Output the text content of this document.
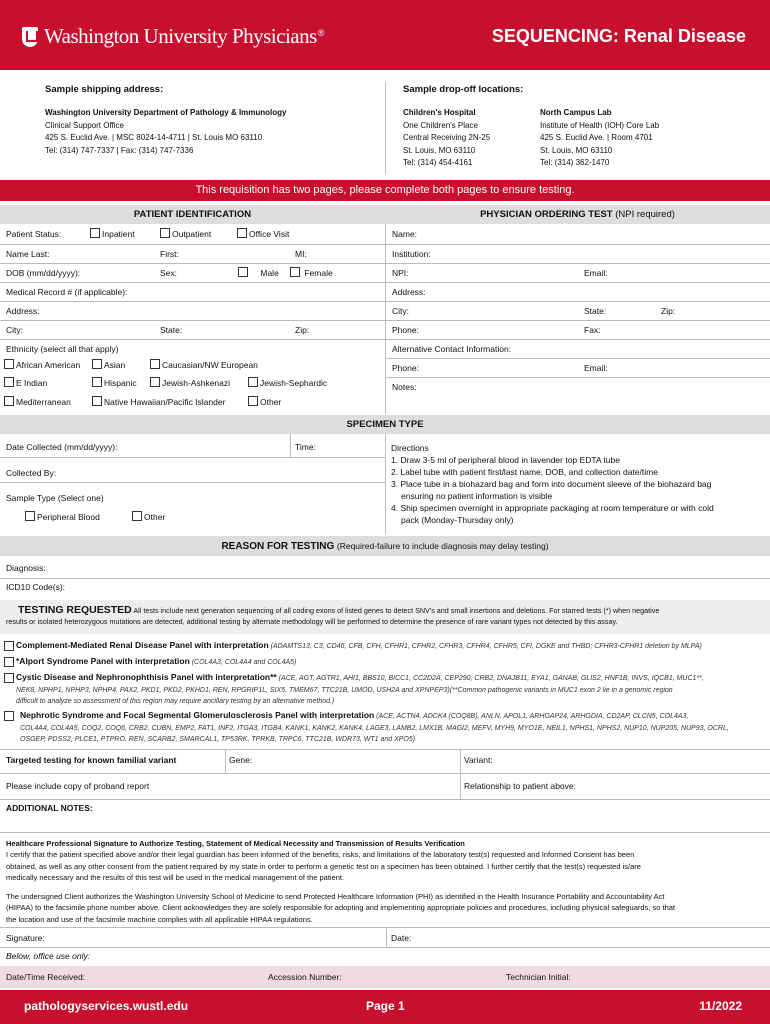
Washington University Physicians ®	SEQUENCING: Renal Disease
Sample shipping address:
Washington University Department of Pathology & Immunology
Clinical Support Office
425 S. Euclid Ave. | MSC 8024-14-4711 | St. Louis MO 63110
Tel: (314) 747-7337 | Fax: (314) 747-7336
Sample drop-off locations:
Children's Hospital
One Children's Place
Central Receiving 2N-25
St. Louis, MO 63110
Tel: (314) 454-4161
North Campus Lab
Institute of Health (IOH) Core Lab
425 S. Euclid Ave. | Room 4701
St. Louis, MO 63110
Tel: (314) 362-1470
This requisition has two pages, please complete both pages to ensure testing.
PATIENT IDENTIFICATION	PHYSICIAN ORDERING TEST (NPI required)
Patient Status:	Inpatient	Outpatient	Office Visit
Name Last:	First:	MI:
DOB (mm/dd/yyyy):	Sex:	Male	Female
Medical Record # (if applicable):
Address:
City:	State:	Zip:
Ethnicity (select all that apply)
African American	Asian	Caucasian/NW European
E Indian	Hispanic	Jewish-Ashkenazi	Jewish-Sephardic
Mediterranean	Native Hawaiian/Pacific Islander	Other
Name:
Institution:
NPI:	Email:
Address:
City:	State:	Zip:
Phone:	Fax:
Alternative Contact Information:
Phone:	Email:
Notes:
SPECIMEN TYPE
Date Collected (mm/dd/yyyy):	Time:
Collected By:
Sample Type (Select one)
Peripheral Blood	Other
Directions
1. Draw 3-5 ml of peripheral blood in lavender top EDTA tube
2. Label tube with patient first/last name, DOB, and collection date/time
3. Place tube in a biohazard bag and form into document sleeve of the biohazard bag
ensuring no patient information is visible
4. Ship specimen overnight in appropriate packaging at room temperature or with cold
pack (Monday-Thursday only)
REASON FOR TESTING (Required-failure to include diagnosis may delay testing)
Diagnosis:
ICD10 Code(s):
TESTING REQUESTED All tests include next generation sequencing of all coding exons of listed genes to detect SNV's and small insertions and deletions. For starred tests (*) when negative
results or isolated heterozygous mutations are detected, additional testing by alternate methodology will be performed to determine the presence of rare variant types not detected by this assay.
Complement-Mediated Renal Disease Panel with interpretation (ADAMTS13, C3, CD46, CFB, CFH, CFHR1, CFHR2, CFHR3, CFHR4, CFHR5, CFI, DGKE and THBD; CFHR3-CFHR1 deletion by MLPA)
*Alport Syndrome Panel with interpretation (COL4A3, COL4A4 and COL4A5)
Cystic Disease and Nephronophthisis Panel with interpretation** (ACE, AGT, AGTR1, AHI1, BBS10, BICC1, CC2D2A, CEP290, CRB2, DNAJB11, EYA1, GANAB, GLIS2, HNF1B, INVS, IQCB1, MUC1**,
NEK8, NPHP1, NPHP3, NPHP4, PAX2, PKD1, PKD2, PKHD1, REN, RPGRIP1L, SIX5, TMEM67, TTC21B, UMOD, USH2A and XPNPEP3)(**Common pathogenic variants in MUC1 exon 2 lie in a genomic region
difficult to analyze so assessment of this region may require ancillary testing by an alternative method.)
Nephrotic Syndrome and Focal Segmental Glomerulosclerosis Panel with interpretation (ACE, ACTN4, ADCK4 (COQ8B), ANLN, APOL1, ARHGAP24, ARHGDIA, CD2AP, CLCN5, COL4A3,
COL4A4, COL4A5, COQ2, COQ6, CRB2, CUBN, EMP2, FAT1, INF2, ITGA3, ITGB4, KANK1, KANK2, KANK4, LAGE3, LAMB2, LMX1B, MAGI2, MEFV, MYH9, MYO1E, NEIL1, NPHS1, NPHS2, NUP10, NUP205, NUP93, OCRL,
OSGEP, PDSS2, PLCE1, PTPRO, REN, SCARB2, SMARCAL1, TP53RK, TPRKB, TRPC6, TTC21B, WDR73, WT1 and XPO5)
Targeted testing for known familial variant	Gene:	Variant:
Please include copy of proband report	Relationship to patient above:
ADDITIONAL NOTES:
Healthcare Professional Signature to Authorize Testing, Statement of Medical Necessity and Transmission of Results Verification
I certify that the patient specified above and/or their legal guardian has been informed of the benefits, risks, and limitations of the laboratory test(s) requested and Informed Consent has been
obtained, as well as any other consent from the patient required by my state in order to perform a genetic test on a specimen has been obtained. I further certify that the test(s) requested is/are
medically necessary and the results of this test will be used in the medical management of the patient.
The undersigned Client authorizes the Washington University School of Medicine to send Protected Healthcare Information (PHI) as identified in the Health Insurance Portability and Accountability Act
(HIPAA) to the facsimile phone number above. Client acknowledges they are solely responsible for adopting and implementing appropriate policies and procedures, including physical safeguards, so that
the location and use of the facsimile machine complies with all applicable HIPAA regulations.
Signature:	Date:
Below, office use only:
Date/Time Received:	Accession Number:	Technician Initial:
pathologyservices.wustl.edu	Page 1	11/2022
